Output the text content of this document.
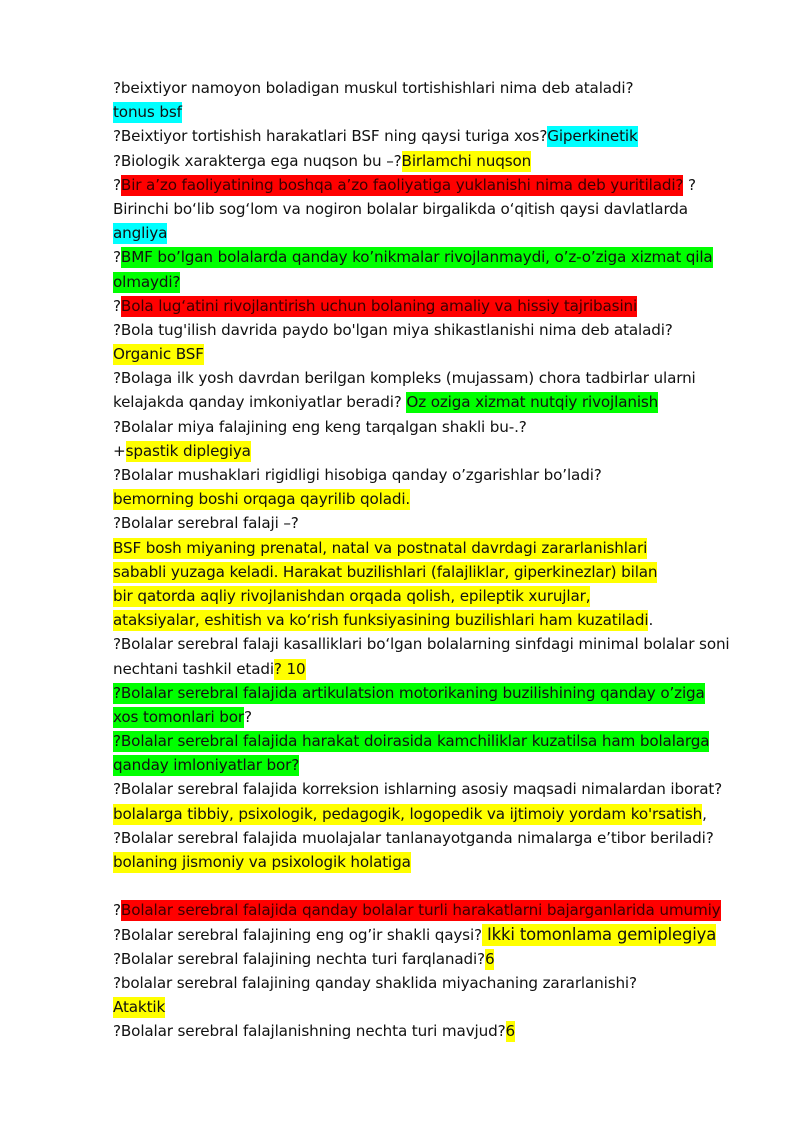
?beixtiyor namoyon boladigan muskul tortishishlari nima deb ataladi?
tonus bsf
?Beixtiyor tortishish harakatlari BSF ning qaysi turiga xos?Giperkinetik
?Biologik xarakterga ega nuqson bu –?Birlamchi nuqson
?Bir a’zo faoliyatining boshqa a’zo faoliyatiga yuklanishi nima deb yuritiladi? ?
Birinchi bo‘lib sog‘lom va nogiron bolalar birgalikda o‘qitish qaysi davlatlarda
angliya
?BMF bo’lgan bolalarda qanday ko’nikmalar rivojlanmaydi, o’z-o’ziga xizmat qila
olmaydi?
?Bola lug‘atini rivojlantirish uchun bolaning amaliy va hissiy tajribasini
?Bola tug'ilish davrida paydo bo'lgan miya shikastlanishi nima deb ataladi?
Organic BSF
?Bolaga ilk yosh davrdan berilgan kompleks (mujassam) chora tadbirlar ularni
kelajakda qanday imkoniyatlar beradi? Oz oziga xizmat nutqiy rivojlanish
?Bolalar miya falajining eng keng tarqalgan shakli bu-.?
+spastik diplegiya
?Bolalar mushaklari rigidligi hisobiga qanday o’zgarishlar bo’ladi?
bemorning boshi orqaga qayrilib qoladi.
?Bolalar serebral falaji –?
BSF bosh miyaning prenatal, natal va postnatal davrdagi zararlanishlari
sababli yuzaga keladi. Harakat buzilishlari (falajliklar, giperkinezlar) bilan
bir qatorda aqliy rivojlanishdan orqada qolish, epileptik xurujlar,
ataksiyalar, eshitish va ko‘rish funksiyasining buzilishlari ham kuzatiladi.
?Bolalar serebral falaji kasalliklari bo‘lgan bolalarning sinfdagi minimal bolalar soni
nechtani tashkil etadi? 10
?Bolalar serebral falajida artikulatsion motorikaning buzilishining qanday o’ziga
xos tomonlari bor?
?Bolalar serebral falajida harakat doirasida kamchiliklar kuzatilsa ham bolalarga
qanday imloniyatlar bor?
?Bolalar serebral falajida korreksion ishlarning asosiy maqsadi nimalardan iborat?
bolalarga tibbiy, psixologik, pedagogik, logopedik va ijtimoiy yordam ko'rsatish,
?Bolalar serebral falajida muolajalar tanlanayotganda nimalarga e’tibor beriladi?
bolaning jismoniy va psixologik holatiga
?Bolalar serebral falajida qanday bolalar turli harakatlarni bajarganlarida umumiy
?Bolalar serebral falajining eng og’ir shakli qaysi? Ikki tomonlama gemiplegiya
?Bolalar serebral falajining nechta turi farqlanadi?6
?bolalar serebral falajining qanday shaklida miyachaning zararlanishi?
Ataktik
?Bolalar serebral falajlanishning nechta turi mavjud?6
